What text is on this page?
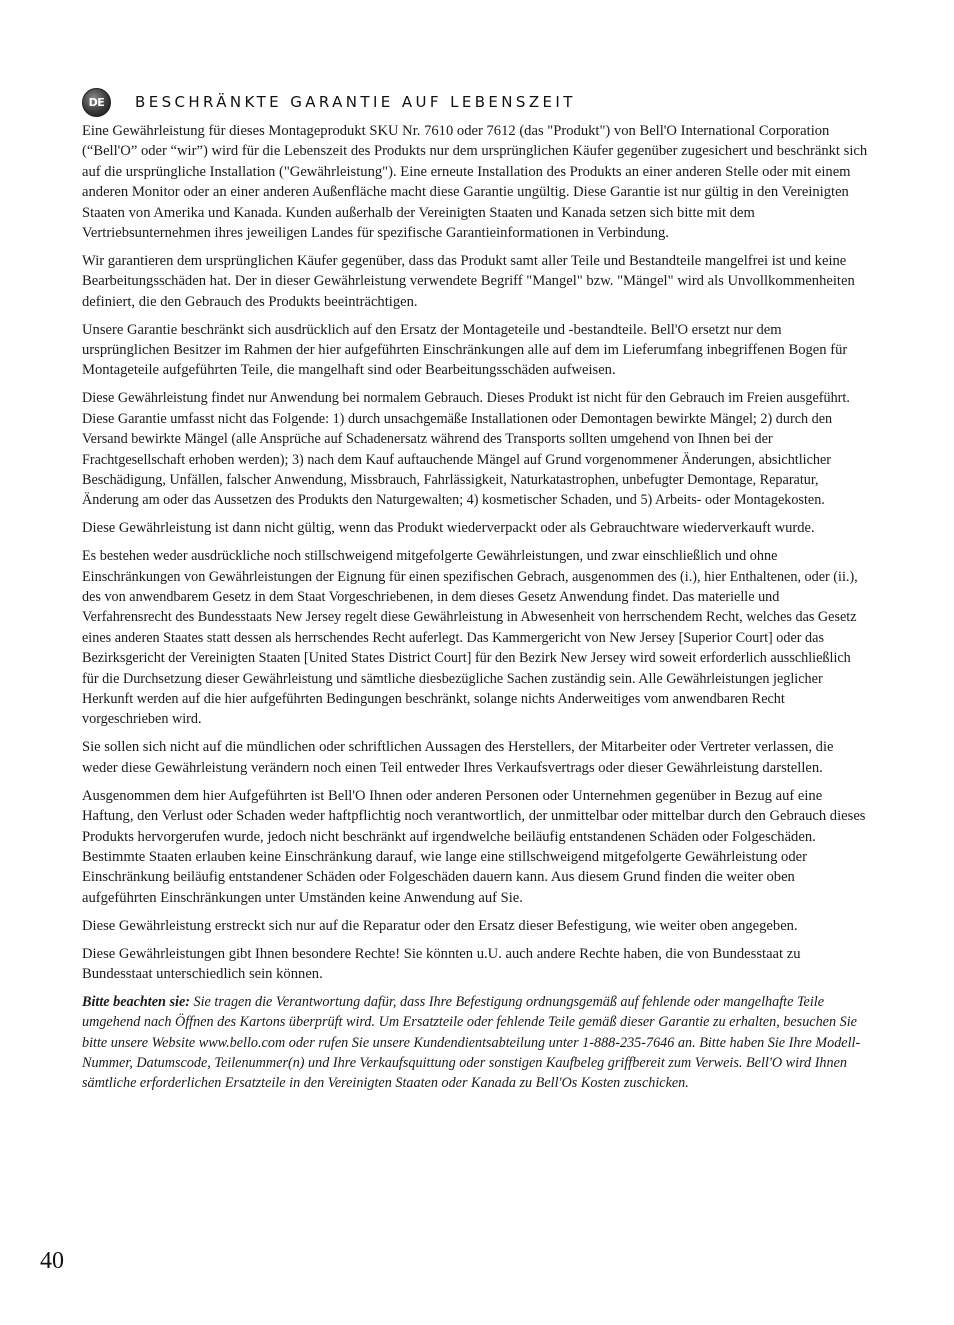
DE BESCHRÄNKTE GARANTIE AUF LEBENSZEIT

Eine Gewährleistung für dieses Montageprodukt SKU Nr. 7610 oder 7612 (das "Produkt") von Bell'O International Corporation (“Bell'O” oder “wir”) wird für die Lebenszeit des Produkts nur dem ursprünglichen Käufer gegenüber zugesichert und beschränkt sich auf die ursprüngliche Installation ("Gewährleistung"). Eine erneute Installation des Produkts an einer anderen Stelle oder mit einem anderen Monitor oder an einer anderen Außenfläche macht diese Garantie ungültig. Diese Garantie ist nur gültig in den Vereinigten Staaten von Amerika und Kanada. Kunden außerhalb der Vereinigten Staaten und Kanada setzen sich bitte mit dem Vertriebsunternehmen ihres jeweiligen Landes für spezifische Garantieinformationen in Verbindung.

Wir garantieren dem ursprünglichen Käufer gegenüber, dass das Produkt samt aller Teile und Bestandteile mangelfrei ist und keine Bearbeitungsschäden hat. Der in dieser Gewährleistung verwendete Begriff "Mangel" bzw. "Mängel" wird als Unvollkommenheiten definiert, die den Gebrauch des Produkts beeinträchtigen.

Unsere Garantie beschränkt sich ausdrücklich auf den Ersatz der Montageteile und -bestandteile. Bell'O ersetzt nur dem ursprünglichen Besitzer im Rahmen der hier aufgeführten Einschränkungen alle auf dem im Lieferumfang inbegriffenen Bogen für Montageteile aufgeführten Teile, die mangelhaft sind oder Bearbeitungsschäden aufweisen.

Diese Gewährleistung findet nur Anwendung bei normalem Gebrauch. Dieses Produkt ist nicht für den Gebrauch im Freien ausgeführt. Diese Garantie umfasst nicht das Folgende: 1) durch unsachgemäße Installationen oder Demontagen bewirkte Mängel; 2) durch den Versand bewirkte Mängel (alle Ansprüche auf Schadenersatz während des Transports sollten umgehend von Ihnen bei der Frachtgesellschaft erhoben werden); 3) nach dem Kauf auftauchende Mängel auf Grund vorgenommener Änderungen, absichtlicher Beschädigung, Unfällen, falscher Anwendung, Missbrauch, Fahrlässigkeit, Naturkatastrophen, unbefugter Demontage, Reparatur, Änderung am oder das Aussetzen des Produkts den Naturgewalten; 4) kosmetischer Schaden, und 5) Arbeits- oder Montagekosten.

Diese Gewährleistung ist dann nicht gültig, wenn das Produkt wiederverpackt oder als Gebrauchtware wiederverkauft wurde.

Es bestehen weder ausdrückliche noch stillschweigend mitgefolgerte Gewährleistungen, und zwar einschließlich und ohne Einschränkungen von Gewährleistungen der Eignung für einen spezifischen Gebrach, ausgenommen des (i.), hier Enthaltenen, oder (ii.), des von anwendbarem Gesetz in dem Staat Vorgeschriebenen, in dem dieses Gesetz Anwendung findet. Das materielle und Verfahrensrecht des Bundesstaats New Jersey regelt diese Gewährleistung in Abwesenheit von herrschendem Recht, welches das Gesetz eines anderen Staates statt dessen als herrschendes Recht auferlegt. Das Kammergericht von New Jersey [Superior Court] oder das Bezirksgericht der Vereinigten Staaten [United States District Court] für den Bezirk New Jersey wird soweit erforderlich ausschließlich für die Durchsetzung dieser Gewährleistung und sämtliche diesbezügliche Sachen zuständig sein. Alle Gewährleistungen jeglicher Herkunft werden auf die hier aufgeführten Bedingungen beschränkt, solange nichts Anderweitiges vom anwendbaren Recht vorgeschrieben wird.

Sie sollen sich nicht auf die mündlichen oder schriftlichen Aussagen des Herstellers, der Mitarbeiter oder Vertreter verlassen, die weder diese Gewährleistung verändern noch einen Teil entweder Ihres Verkaufsvertrags oder dieser Gewährleistung darstellen.

Ausgenommen dem hier Aufgeführten ist Bell'O Ihnen oder anderen Personen oder Unternehmen gegenüber in Bezug auf eine Haftung, den Verlust oder Schaden weder haftpflichtig noch verantwortlich, der unmittelbar oder mittelbar durch den Gebrauch dieses Produkts hervorgerufen wurde, jedoch nicht beschränkt auf irgendwelche beiläufig entstandenen Schäden oder Folgeschäden. Bestimmte Staaten erlauben keine Einschränkung darauf, wie lange eine stillschweigend mitgefolgerte Gewährleistung oder Einschränkung beiläufig entstandener Schäden oder Folgeschäden dauern kann. Aus diesem Grund finden die weiter oben aufgeführten Einschränkungen unter Umständen keine Anwendung auf Sie.

Diese Gewährleistung erstreckt sich nur auf die Reparatur oder den Ersatz dieser Befestigung, wie weiter oben angegeben.

Diese Gewährleistungen gibt Ihnen besondere Rechte! Sie könnten u.U. auch andere Rechte haben, die von Bundesstaat zu Bundesstaat unterschiedlich sein können.

Bitte beachten sie: Sie tragen die Verantwortung dafür, dass Ihre Befestigung ordnungsgemäß auf fehlende oder mangelhafte Teile umgehend nach Öffnen des Kartons überprüft wird. Um Ersatzteile oder fehlende Teile gemäß dieser Garantie zu erhalten, besuchen Sie bitte unsere Website www.bello.com oder rufen Sie unsere Kundendientsabteilung unter 1-888-235-7646 an. Bitte haben Sie Ihre Modell-Nummer, Datumscode, Teilenummer(n) und Ihre Verkaufsquittung oder sonstigen Kaufbeleg griffbereit zum Verweis. Bell'O wird Ihnen sämtliche erforderlichen Ersatzteile in den Vereinigten Staaten oder Kanada zu Bell'Os Kosten zuschicken.

40
